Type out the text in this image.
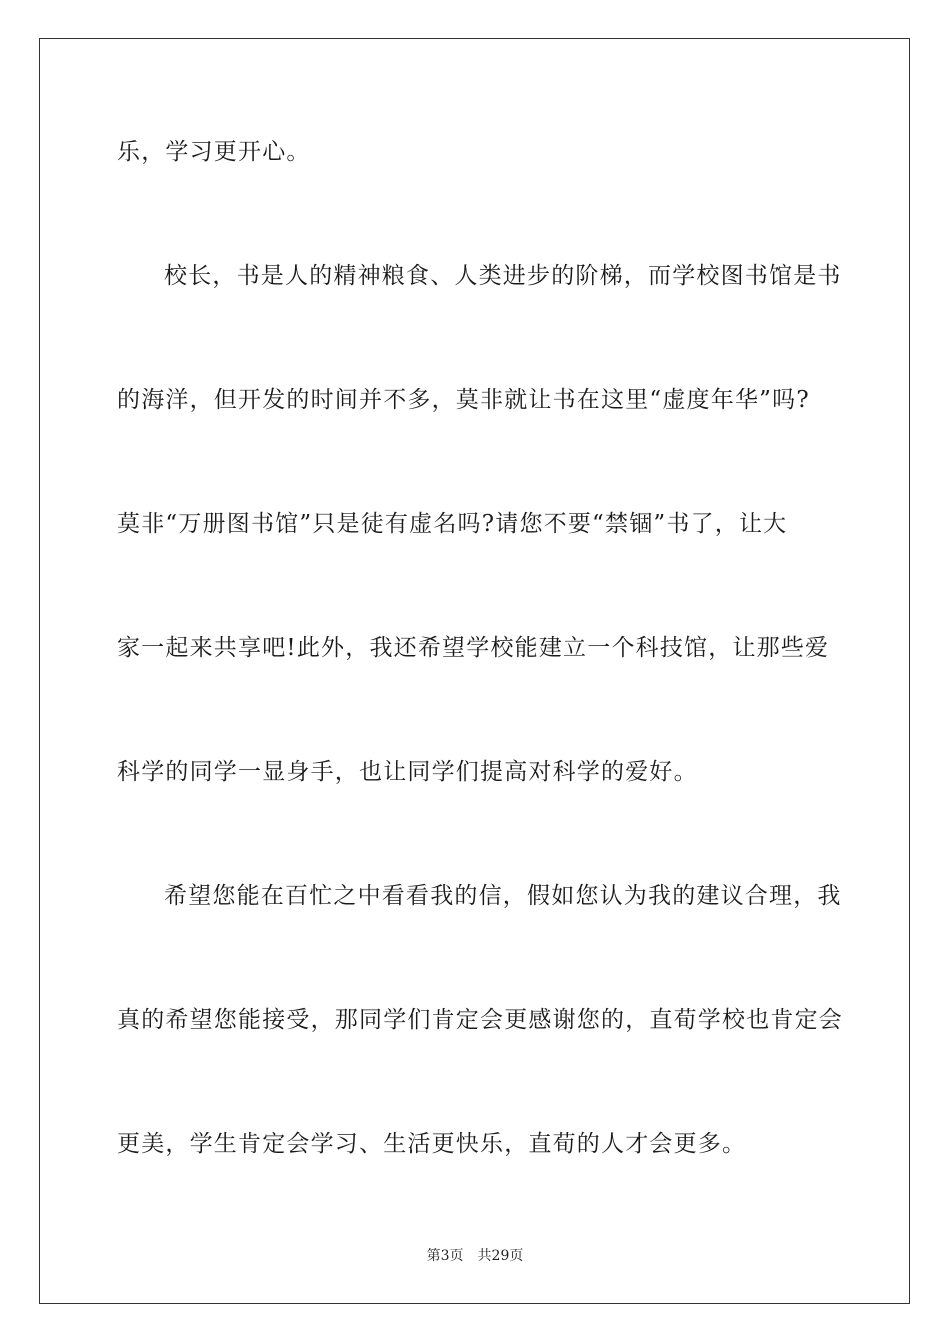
乐，学习更开心。
校长，书是人的精神粮食、人类进步的阶梯，而学校图书馆是书
的海洋，但开发的时间并不多，莫非就让书在这里“虚度年华”吗?
莫非“万册图书馆”只是徒有虚名吗?请您不要“禁锢”书了，让大
家一起来共享吧!此外，我还希望学校能建立一个科技馆，让那些爱
科学的同学一显身手，也让同学们提高对科学的爱好。
希望您能在百忙之中看看我的信，假如您认为我的建议合理，我
真的希望您能接受，那同学们肯定会更感谢您的，直荀学校也肯定会
更美，学生肯定会学习、生活更快乐，直荀的人才会更多。
第3页 共29页
